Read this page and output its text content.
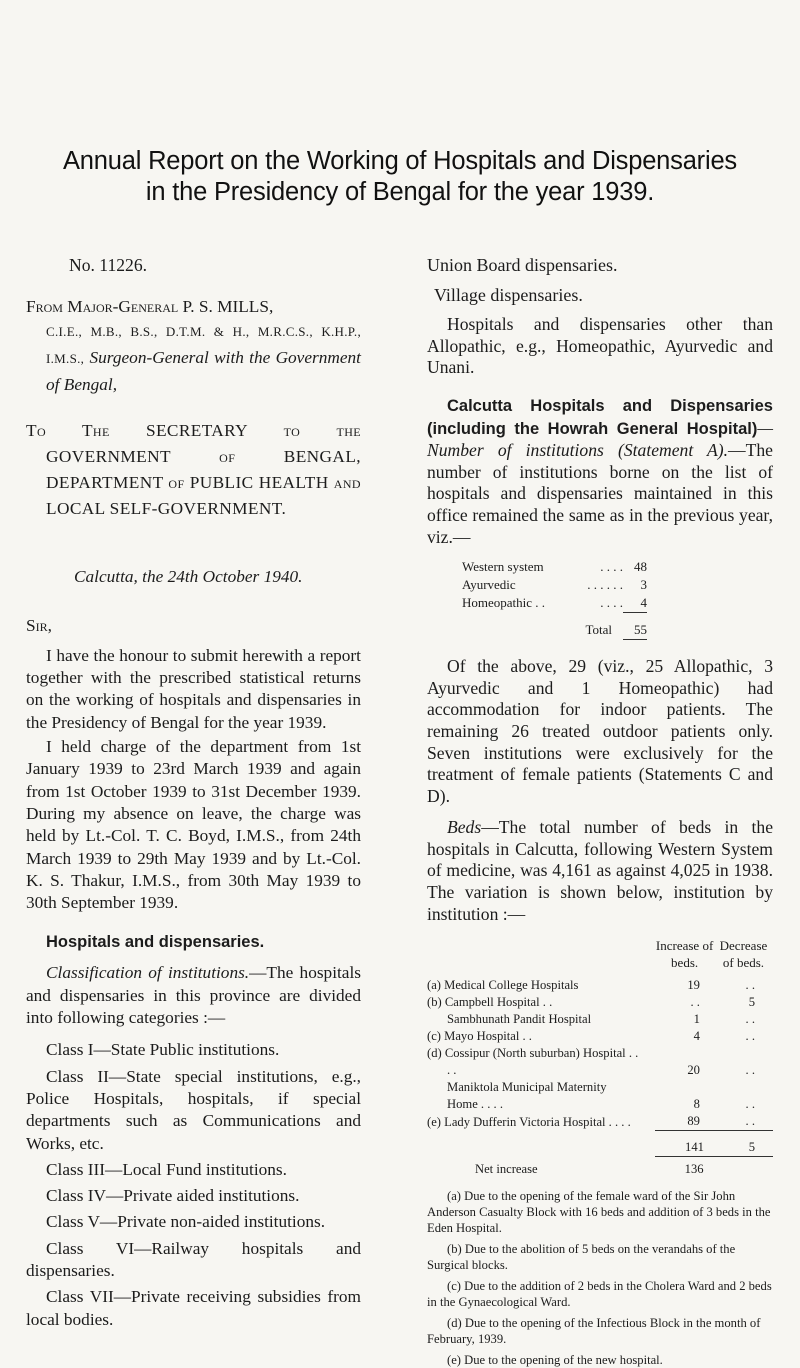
Annual Report on the Working of Hospitals and Dispensaries
in the Presidency of Bengal for the year 1939.

No. 11226.

From Major-General P. S. MILLS,

C.I.E., M.B., B.S., D.T.M. & H., M.R.C.S., K.H.P., I.M.S., Surgeon-General with the Government of Bengal,

To The SECRETARY to the GOVERNMENT of BENGAL, DEPARTMENT of PUBLIC HEALTH and LOCAL SELF-GOVERNMENT.

Calcutta, the 24th October 1940.

Sir,

I have the honour to submit herewith a report together with the prescribed statistical returns on the working of hospitals and dispensaries in the Presidency of Bengal for the year 1939.

I held charge of the department from 1st January 1939 to 23rd March 1939 and again from 1st October 1939 to 31st December 1939. During my absence on leave, the charge was held by Lt.-Col. T. C. Boyd, I.M.S., from 24th March 1939 to 29th May 1939 and by Lt.-Col. K. S. Thakur, I.M.S., from 30th May 1939 to 30th September 1939.

Hospitals and dispensaries.

Classification of institutions.—The hospitals and dispensaries in this province are divided into following categories :—

Class I—State Public institutions.

Class II—State special institutions, e.g., Police Hospitals, hospitals, if special departments such as Communications and Works, etc.

Class III—Local Fund institutions.

Class IV—Private aided institutions.

Class V—Private non-aided institutions.

Class VI—Railway hospitals and dispensaries.

Class VII—Private receiving subsidies from local bodies.

Union Board dispensaries.

Village dispensaries.

Hospitals and dispensaries other than Allopathic, e.g., Homeopathic, Ayurvedic and Unani.

Calcutta Hospitals and Dispensaries (including the Howrah General Hospital)—Number of institutions (Statement A).—The number of institutions borne on the list of hospitals and dispensaries maintained in this office remained the same as in the previous year, viz.—

Western system	. . . .	48
Ayurvedic	. . . . . .	3
Homeopathic . .	. . . .	4
	Total	55

Of the above, 29 (viz., 25 Allopathic, 3 Ayurvedic and 1 Homeopathic) had accommodation for indoor patients. The remaining 26 treated outdoor patients only. Seven institutions were exclusively for the treatment of female patients (Statements C and D).

Beds—The total number of beds in the hospitals in Calcutta, following Western System of medicine, was 4,161 as against 4,025 in 1938. The variation is shown below, institution by institution :—

	Increase of beds.	Decrease of beds.
(a) Medical College Hospitals	19	. .
(b) Campbell Hospital . .	. .	5
Sambhunath Pandit Hospital	1	. .
(c) Mayo Hospital . .	4	. .
(d) Cossipur (North suburban) Hospital . . . .	20	. .
Maniktola Municipal Maternity Home . . . .	8	. .
(e) Lady Dufferin Victoria Hospital . . . .	89	. .
	141	5
Net increase	136	

(a) Due to the opening of the female ward of the Sir John Anderson Casualty Block with 16 beds and addition of 3 beds in the Eden Hospital.

(b) Due to the abolition of 5 beds on the verandahs of the Surgical blocks.

(c) Due to the addition of 2 beds in the Cholera Ward and 2 beds in the Gynaecological Ward.

(d) Due to the opening of the Infectious Block in the month of February, 1939.

(e) Due to the opening of the new hospital.
